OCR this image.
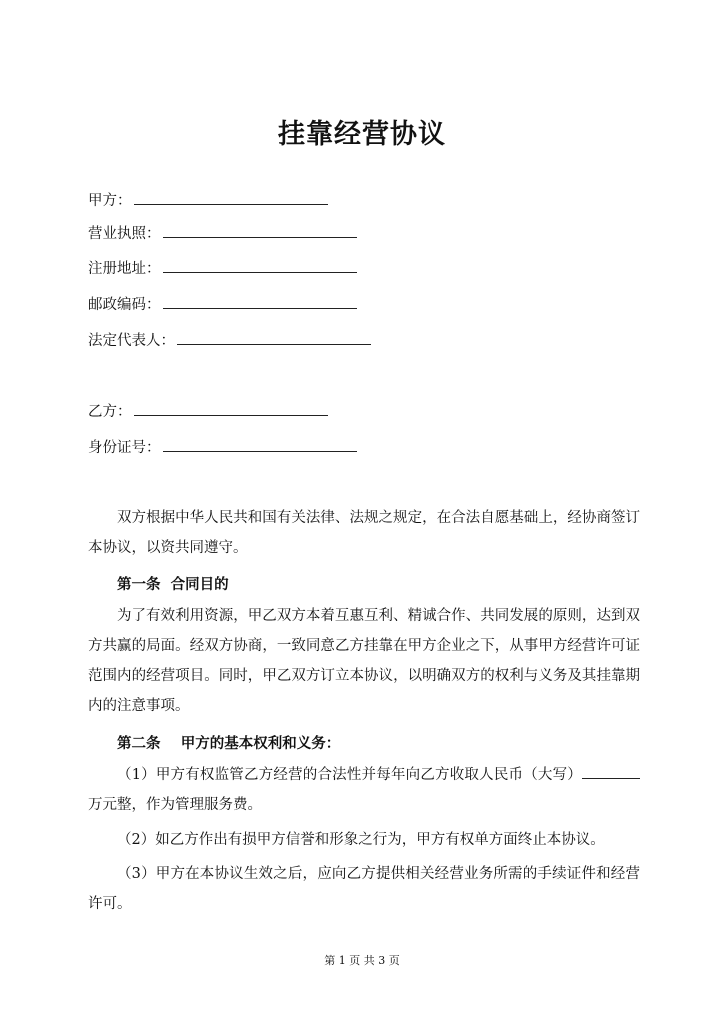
挂靠经营协议
甲方：
营业执照：
注册地址：
邮政编码：
法定代表人：
乙方：
身份证号：

双方根据中华人民共和国有关法律、法规之规定，在合法自愿基础上，经协商签订本协议，以资共同遵守。

第一条  合同目的

为了有效利用资源，甲乙双方本着互惠互利、精诚合作、共同发展的原则，达到双方共赢的局面。经双方协商，一致同意乙方挂靠在甲方企业之下，从事甲方经营许可证范围内的经营项目。同时，甲乙双方订立本协议，以明确双方的权利与义务及其挂靠期内的注意事项。

第二条    甲方的基本权利和义务：

（1）甲方有权监管乙方经营的合法性并每年向乙方收取人民币（大写）万元整，作为管理服务费。

（2）如乙方作出有损甲方信誉和形象之行为，甲方有权单方面终止本协议。

（3）甲方在本协议生效之后，应向乙方提供相关经营业务所需的手续证件和经营许可。

第 1 页 共 3 页
